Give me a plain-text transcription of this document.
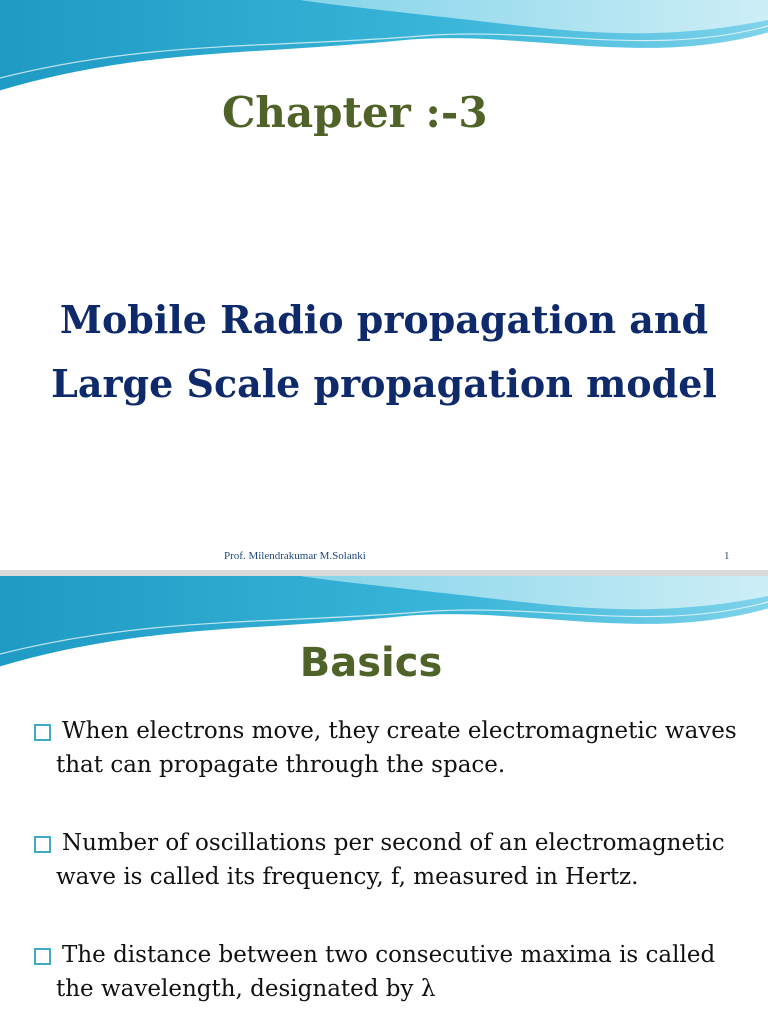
Chapter :-3
Mobile Radio propagation and
Large Scale propagation model
Prof. Milendrakumar M.Solanki	1
Basics
When electrons move, they create electromagnetic waves that can propagate through the space.
Number of oscillations per second of an electromagnetic wave is called its frequency, f, measured in Hertz.
The distance between two consecutive maxima is called the wavelength, designated by λ
